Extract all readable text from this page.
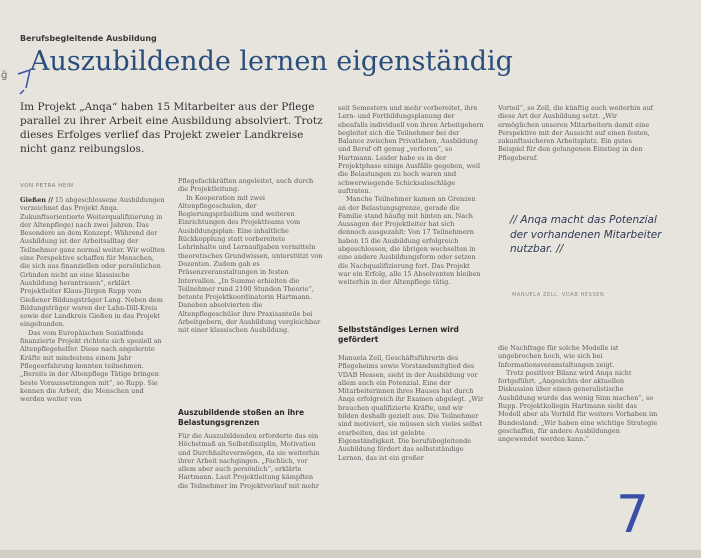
Berufsbegleitende Ausbildung
ğ Auszubildende lernen eigenständig
Im Projekt „Anqa“ haben 15 Mitarbeiter aus der Pflege parallel zu ihrer Arbeit eine Ausbildung absolviert. Trotz dieses Erfolges verlief das Projekt zweier Landkreise nicht ganz reibungslos.
VON PETRA HEIN

Gießen // 15 abgeschlossene Ausbildungen verzeichnet das Projekt Anqa. Zukunftsorientierte Weiterqualifizierung in der Altenpflege) nach zwei Jahren. Das Besondere an dem Konzept: Während der Ausbildung ist der Arbeitsalltag der Teilnehmer ganz normal weiter. Wir wollten eine Perspektive schaffen für Menschen, die sich aus finanziellen oder persönlichen Gründen nicht an eine klassische Ausbildung herantrauen“, erklärt Projektleiter Klaus-Jürgen Rupp vom Gießener Bildungsträger Lang. Neben dem Bildungsträger waren der Lahn-Dill-Kreis sowie der Landkreis Gießen in das Projekt eingebunden.

Das vom Europäischen Sozialfonds finanzierte Projekt richtete sich speziell an Altenpflegehelfer. Diese nach angelernte Kräfte mit mindestens einem Jahr Pflegeerfahrung konnten teilnehmen. „Bereits in der Altenpflege Tätige bringen beste Voraussetzungen mit“, so Rupp. Sie kennen die Arbeit, die Menschen und werden weiter von

Pflegefachkräften angeleitet, auch durch die Projektleitung.

In Kooperation mit zwei Altenpflegeschulen, der Regierungspräsidium und weiteren Einrichtungen des Projektteams vom Ausbildungsplan: Eine inhaltliche Rückkopplung statt vorbereitete Lehrinhalte und Lernaufgaben vermitteln theoretisches Grundwissen, unterstützt von Dozenten. Zudem gab es Präsenzveranstaltungen in festen Intervallen. „In Summe erhielten die Teilnehmer rund 2100 Stunden Theorie“, betonte Projektkoordinatorin Hartmann. Daneben absolvierten die Altenpflegeschüler ihre Praxisanteile bei Arbeitgebern, der Ausbildung vergleichbar mit einer klassischen Ausbildung.

Auszubildende stoßen an ihre Belastungsgrenzen

Für die Auszubildenden erforderte das ein Höchstmaß an Selbstdisziplin, Motivation und Durchhaltevermögen, da sie weiterhin ihrer Arbeit nachgingen. „Fachlich, vor allem aber auch persönlich“, erklärte Hartmann. Laut Projektleitung kämpften die Teilnehmer im Projektverlauf mit mehr

seit Semestern und mehr vorbereitet, ihre Lern- und Fortbildungsplanung der ebenfalls individuell von ihren Arbeitgebern begleitet sich die Teilnehmer bei der Balance zwischen Privatleben, Ausbildung und Beruf oft genug „verloren“, so Hartmann. Leider habe es in der Projektphase einige Ausfälle gegeben, weil die Belastungen zu hoch waren und schwerwiegende Schicksalsschläge auftraten.

Manche Teilnehmer kamen an Grenzen an der Belastungsgrenze, gerade die Familie stand häufig mit hinten an. Nach Aussagen der Projektleiter hat sich dennoch ausgezahlt: Von 17 Teilnehmern haben 15 die Ausbildung erfolgreich abgeschlossen, die übrigen wechselten in eine andere Ausbildungsform oder setzen die Nachqualifizierung fort. Das Projekt war ein Erfolg, alle 15 Absolventen bleiben weiterhin in der Altenpflege tätig.

Selbstständiges Lernen wird gefördert

Manuela Zell, Geschäftsführerin des Pflegeheims sowie Vorstandsmitglied des VDAB Hessen, sieht in der Ausbildung vor allem auch ein Potenzial. Eine der Mitarbeiterinnen ihres Hauses hat durch Anqa erfolgreich ihr Examen abgelegt. „Wir brauchen qualifizierte Kräfte, und wir bilden deshalb gezielt aus. Die Teilnehmer sind motiviert, sie müssen sich vieles selbst erarbeiten, das ist gelebte Eigenständigkeit. Die berufsbegleitende Ausbildung fördert das selbstständige Lernen, das ist ein großer

Vorteil“, so Zell, die künftig auch weiterhin auf diese Art der Ausbildung setzt. „Wir ermöglichen unseren Mitarbeitern damit eine Perspektive mit der Aussicht auf einen festen, zukunftssicheren Arbeitsplatz. Ein gutes Beispiel für den gelungenen Einstieg in den Pflegeberuf.

// Anqa macht das Potenzial der vorhandenen Mitarbeiter nutzbar. //
MANUELA ZELL, VDAB HESSEN

die Nachfrage für solche Modelle ist ungebrochen hoch, wie sich bei Informationsveranstaltungen zeigt.

Trotz positiver Bilanz wird Anqa nicht fortgeführt. „Angesichts der aktuellen Diskussion über einen generalistische Ausbildung wurde das wenig Sinn machen“, so Rupp. Projektkollegin Hartmann sieht das Modell aber als Vorbild für weitere Vorhaben im Bundesland: „Wir haben eine wichtige Strategie geschaffen, für andere Ausbildungen angewendet werden kann.“

7
